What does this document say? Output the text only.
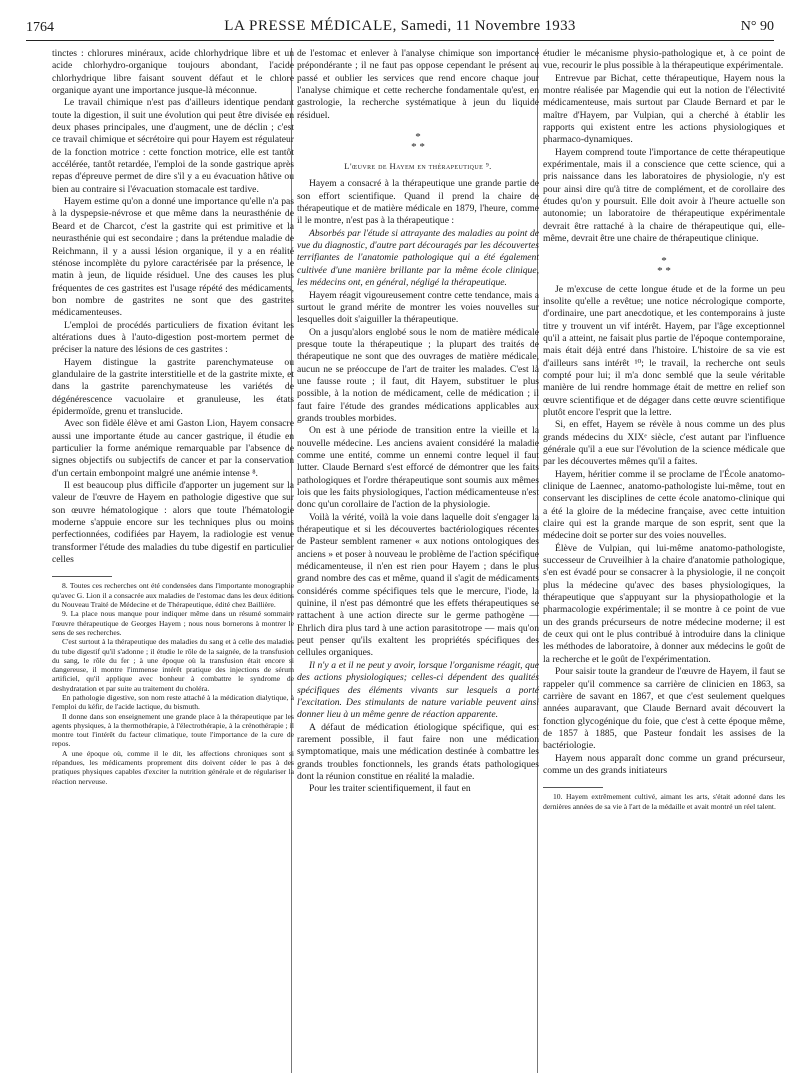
1764	LA PRESSE MÉDICALE, Samedi, 11 Novembre 1933	N° 90

tinctes : chlorures minéraux, acide chlorhydrique libre et un acide chlorhydro-organique toujours abondant, l'acide chlorhydrique libre faisant souvent défaut et le chlore organique ayant une importance jusque-là méconnue.

Le travail chimique n'est pas d'ailleurs identique pendant toute la digestion, il suit une évolution qui peut être divisée en deux phases principales, une d'augment, une de déclin ; c'est ce travail chimique et sécrétoire qui pour Hayem est régulateur de la fonction motrice : cette fonction motrice, elle est tantôt accélérée, tantôt retardée, l'emploi de la sonde gastrique après repas d'épreuve permet de dire s'il y a eu évacuation hâtive ou bien au contraire si l'évacuation stomacale est tardive.

Hayem estime qu'on a donné une importance qu'elle n'a pas à la dyspepsie-névrose et que même dans la neurasthénie de Beard et de Charcot, c'est la gastrite qui est primitive et la neurasthénie qui est secondaire ; dans la prétendue maladie de Reichmann, il y a aussi lésion organique, il y a en réalité sténose incomplète du pylore caractérisée par la présence, le matin à jeun, de liquide résiduel. Une des causes les plus fréquentes de ces gastrites est l'usage répété des médicaments, bon nombre de gastrites ne sont que des gastrites médicamenteuses.

L'emploi de procédés particuliers de fixation évitant les altérations dues à l'auto-digestion post-mortem permet de préciser la nature des lésions de ces gastrites :

Hayem distingue la gastrite parenchymateuse ou glandulaire de la gastrite interstitielle et de la gastrite mixte, et dans la gastrite parenchymateuse les variétés de dégénérescence vacuolaire et granuleuse, les états épidermoïde, grenu et translucide.

Avec son fidèle élève et ami Gaston Lion, Hayem consacre aussi une importante étude au cancer gastrique, il étudie en particulier la forme anémique remarquable par l'absence de signes objectifs ou subjectifs de cancer et par la conservation d'un certain embonpoint malgré une anémie intense ⁸.

Il est beaucoup plus difficile d'apporter un jugement sur la valeur de l'œuvre de Hayem en pathologie digestive que sur son œuvre hématologique : alors que toute l'hématologie moderne s'appuie encore sur les techniques plus ou moins perfectionnées, codifiées par Hayem, la radiologie est venue transformer l'étude des maladies du tube digestif en particulier celles

8. Toutes ces recherches ont été condensées dans l'importante monographie qu'avec G. Lion il a consacrée aux maladies de l'estomac dans les deux éditions du Nouveau Traité de Médecine et de Thérapeutique, édité chez Baillière.

9. La place nous manque pour indiquer même dans un résumé sommaire l'œuvre thérapeutique de Georges Hayem ; nous nous bornerons à montrer le sens de ses recherches.

C'est surtout à la thérapeutique des maladies du sang et à celle des maladies du tube digestif qu'il s'adonne ; il étudie le rôle de la saignée, de la transfusion du sang, le rôle du fer ; à une époque où la transfusion était encore si dangereuse, il montre l'immense intérêt pratique des injections de sérum artificiel, qu'il applique avec bonheur à combattre le syndrome de deshydratation et par suite au traitement du choléra.

En pathologie digestive, son nom reste attaché à la médication dialytique, à l'emploi du kéfir, de l'acide lactique, du bismuth.

Il donne dans son enseignement une grande place à la thérapeutique par les agents physiques, à la thermothérapie, à l'électrothérapie, à la crénothérapie ; il montre tout l'intérêt du facteur climatique, toute l'importance de la cure de repos.

A une époque où, comme il le dit, les affections chroniques sont si répandues, les médicaments proprement dits doivent céder le pas à des pratiques physiques capables d'exciter la nutrition générale et de régulariser la réaction nerveuse.

de l'estomac et enlever à l'analyse chimique son importance prépondérante ; il ne faut pas oppose cependant le présent au passé et oublier les services que rend encore chaque jour l'analyse chimique et cette recherche fondamentale qu'est, en gastrologie, la recherche systématique à jeun du liquide résiduel.

*
* *
L'œuvre de Hayem en thérapeutique ⁹.

Hayem a consacré à la thérapeutique une grande partie de son effort scientifique. Quand il prend la chaire de thérapeutique et de matière médicale en 1879, l'heure, comme il le montre, n'est pas à la thérapeutique :

Absorbés par l'étude si attrayante des maladies au point de vue du diagnostic, d'autre part découragés par les découvertes terrifiantes de l'anatomie pathologique qui a été également cultivée d'une manière brillante par la même école clinique, les médecins ont, en général, négligé la thérapeutique.

Hayem réagit vigoureusement contre cette tendance, mais a surtout le grand mérite de montrer les voies nouvelles sur lesquelles doit s'aiguiller la thérapeutique.

On a jusqu'alors englobé sous le nom de matière médicale presque toute la thérapeutique ; la plupart des traités de thérapeutique ne sont que des ouvrages de matière médicale, aucun ne se préoccupe de l'art de traiter les malades. C'est là une fausse route ; il faut, dit Hayem, substituer le plus possible, à la notion de médicament, celle de médication ; il faut faire l'étude des grandes médications applicables aux grands troubles morbides.

On est à une période de transition entre la vieille et la nouvelle médecine. Les anciens avaient considéré la maladie comme une entité, comme un ennemi contre lequel il faut lutter. Claude Bernard s'est efforcé de démontrer que les faits pathologiques et l'ordre thérapeutique sont soumis aux mêmes lois que les faits physiologiques, l'action médicamenteuse n'est donc qu'un corollaire de l'action de la physiologie.

Voilà la vérité, voilà la voie dans laquelle doit s'engager la thérapeutique et si les découvertes bactériologiques récentes de Pasteur semblent ramener « aux notions ontologiques des anciens » et poser à nouveau le problème de l'action spécifique médicamenteuse, il n'en est rien pour Hayem ; dans le plus grand nombre des cas et même, quand il s'agit de médicaments considérés comme spécifiques tels que le mercure, l'iode, la quinine, il n'est pas démontré que les effets thérapeutiques se rattachent à une action directe sur le germe pathogène — Ehrlich dira plus tard à une action parasitotrope — mais qu'on peut penser qu'ils exaltent les propriétés spécifiques des cellules organiques.

Il n'y a et il ne peut y avoir, lorsque l'organisme réagit, que des actions physiologiques; celles-ci dépendent des qualités spécifiques des éléments vivants sur lesquels a porté l'excitation. Des stimulants de nature variable peuvent ainsi donner lieu à un même genre de réaction apparente.

A défaut de médication étiologique spécifique, qui est rarement possible, il faut faire non une médication symptomatique, mais une médication destinée à combattre les grands troubles fonctionnels, les grands états pathologiques dont la réunion constitue en réalité la maladie.

Pour les traiter scientifiquement, il faut en

étudier le mécanisme physio-pathologique et, à ce point de vue, recourir le plus possible à la thérapeutique expérimentale.

Entrevue par Bichat, cette thérapeutique, Hayem nous la montre réalisée par Magendie qui eut la notion de l'électivité médicamenteuse, mais surtout par Claude Bernard et par le maître d'Hayem, par Vulpian, qui a cherché à établir les rapports qui existent entre les actions physiologiques et pharmaco-dynamiques.

Hayem comprend toute l'importance de cette thérapeutique expérimentale, mais il a conscience que cette science, qui a pris naissance dans les laboratoires de physiologie, n'y est pour ainsi dire qu'à titre de complément, et de corollaire des études qu'on y poursuit. Elle doit avoir à l'heure actuelle son autonomie; un laboratoire de thérapeutique expérimentale devrait être rattaché à la chaire de thérapeutique qui, elle-même, devrait être une chaire de thérapeutique clinique.

*
* *

Je m'excuse de cette longue étude et de la forme un peu insolite qu'elle a revêtue; une notice nécrologique comporte, d'ordinaire, une part anecdotique, et les contemporains à juste titre y trouvent un vif intérêt. Hayem, par l'âge exceptionnel qu'il a atteint, ne faisait plus partie de l'époque contemporaine, mais était déjà entré dans l'histoire. L'histoire de sa vie est d'ailleurs sans intérêt ¹⁰; le travail, la recherche ont seuls compté pour lui; il m'a donc semblé que la seule véritable manière de lui rendre hommage était de mettre en relief son œuvre scientifique et de dégager dans cette œuvre scientifique plutôt encore l'esprit que la lettre.

Si, en effet, Hayem se révèle à nous comme un des plus grands médecins du XIXᵉ siècle, c'est autant par l'influence générale qu'il a eue sur l'évolution de la science médicale que par les découvertes mêmes qu'il a faites.

Hayem, héritier comme il se proclame de l'École anatomo-clinique de Laennec, anatomo-pathologiste lui-même, tout en conservant les disciplines de cette école anatomo-clinique qui a été la gloire de la médecine française, avec cette intuition claire qui est la grande marque de son esprit, sent que la médecine doit se porter sur des voies nouvelles.

Élève de Vulpian, qui lui-même anatomo-pathologiste, successeur de Cruveilhier à la chaire d'anatomie pathologique, s'en est évadé pour se consacrer à la physiologie, il ne conçoit plus la médecine qu'avec des bases physiologiques, la thérapeutique que s'appuyant sur la physiopathologie et la pharmacologie expérimentale; il se montre à ce point de vue un des grands précurseurs de notre médecine moderne; il est de ceux qui ont le plus contribué à introduire dans la clinique les méthodes de laboratoire, à donner aux médecins le goût de la recherche et le goût de l'expérimentation.

Pour saisir toute la grandeur de l'œuvre de Hayem, il faut se rappeler qu'il commence sa carrière de clinicien en 1863, sa carrière de savant en 1867, et que c'est seulement quelques années auparavant, que Claude Bernard avait découvert la fonction glycogénique du foie, que c'est à cette époque même, de 1857 à 1885, que Pasteur fondait les assises de la bactériologie.

Hayem nous apparaît donc comme un grand précurseur, comme un des grands initiateurs

10. Hayem extrêmement cultivé, aimant les arts, s'était adonné dans les dernières années de sa vie à l'art de la médaille et avait montré un réel talent.
